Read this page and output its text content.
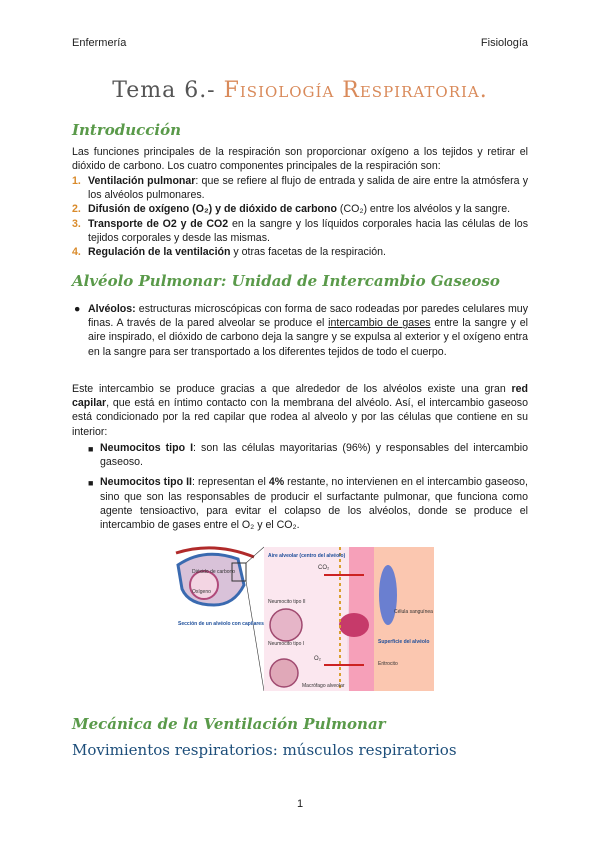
Enfermería	Fisiología
Tema 6.- Fisiología Respiratoria.
Introducción
Las funciones principales de la respiración son proporcionar oxígeno a los tejidos y retirar el dióxido de carbono. Los cuatro componentes principales de la respiración son:
1. Ventilación pulmonar: que se refiere al flujo de entrada y salida de aire entre la atmósfera y los alvéolos pulmonares.
2. Difusión de oxígeno (O₂) y de dióxido de carbono (CO₂) entre los alvéolos y la sangre.
3. Transporte de O2 y de CO2 en la sangre y los líquidos corporales hacia las células de los tejidos corporales y desde las mismas.
4. Regulación de la ventilación y otras facetas de la respiración.
Alvéolo Pulmonar: Unidad de Intercambio Gaseoso
● Alvéolos: estructuras microscópicas con forma de saco rodeadas por paredes celulares muy finas. A través de la pared alveolar se produce el intercambio de gases entre la sangre y el aire inspirado, el dióxido de carbono deja la sangre y se expulsa al exterior y el oxígeno entra en la sangre para ser transportado a los diferentes tejidos de todo el cuerpo.
Este intercambio se produce gracias a que alrededor de los alvéolos existe una gran red capilar, que está en íntimo contacto con la membrana del alvéolo. Así, el intercambio gaseoso está condicionado por la red capilar que rodea al alveolo y por las células que contiene en su interior:
■ Neumocitos tipo I: son las células mayoritarias (96%) y responsables del intercambio gaseoso.
■ Neumocitos tipo II: representan el 4% restante, no intervienen en el intercambio gaseoso, sino que son las responsables de producir el surfactante pulmonar, que funciona como agente tensioactivo, para evitar el colapso de los alvéolos, donde se produce el intercambio de gases entre el O₂ y el CO₂.
Dióxido de carbono
Oxígeno
Sección de un alvéolo con capilares
Aire alveolar (centro del alvéolo)
Neumocito tipo II
Neumocito tipo I
CO₂
O₂
Superficie del alvéolo
Eritrocito
Macrófago alveolar
Célula sanguínea
Mecánica de la Ventilación Pulmonar
Movimientos respiratorios: músculos respiratorios
1
